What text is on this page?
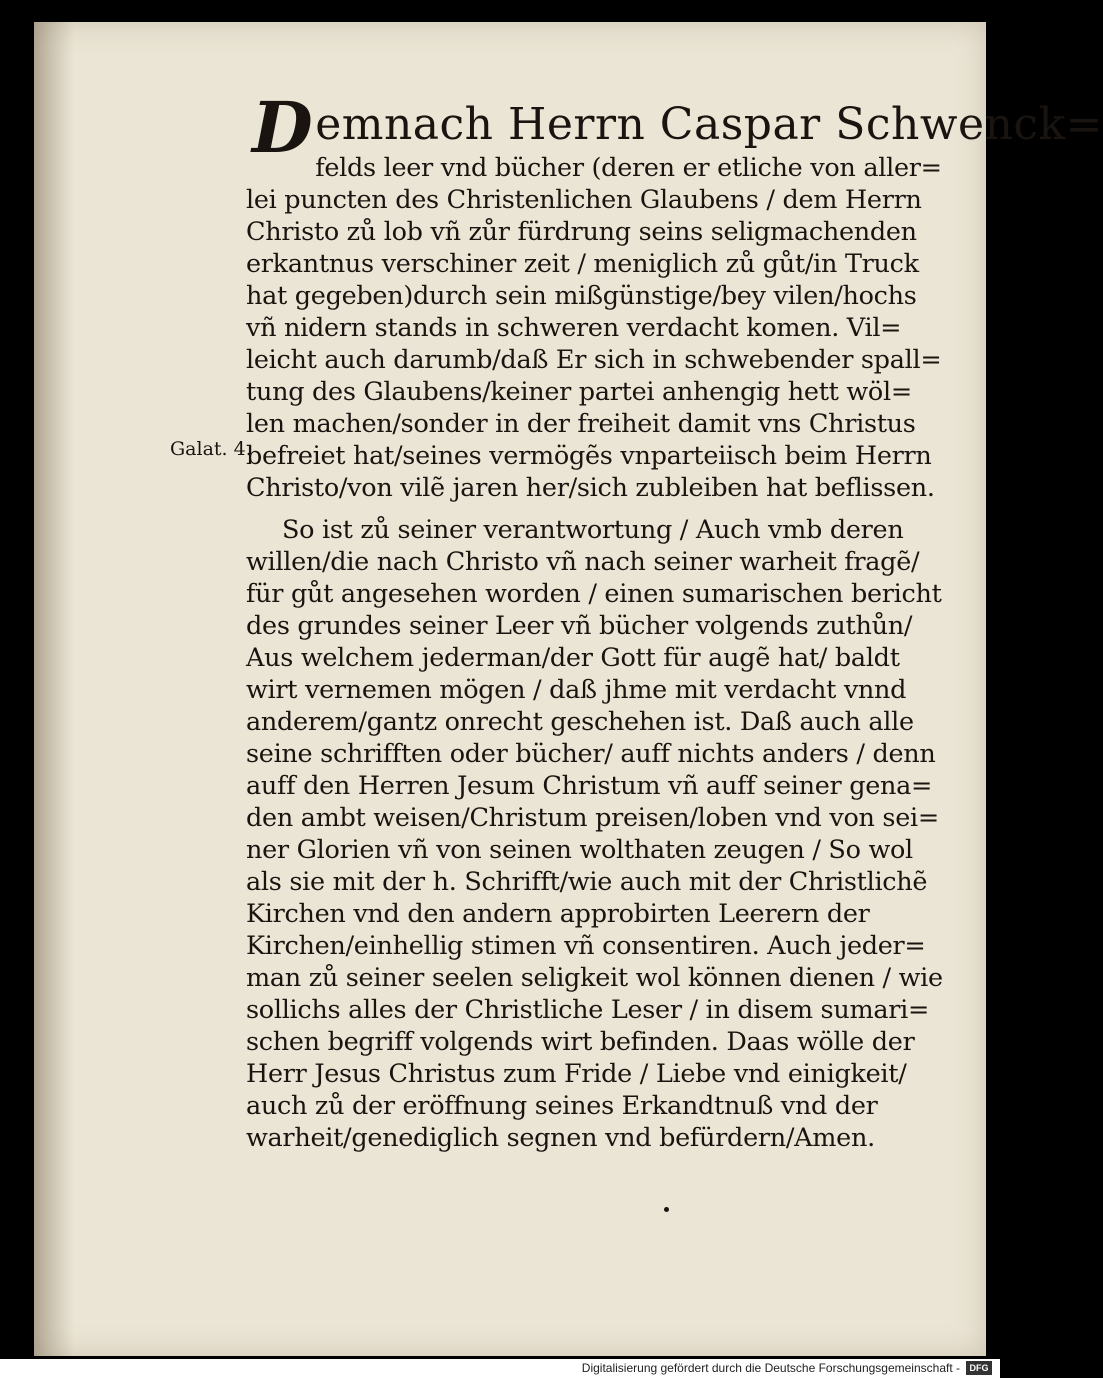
Galat. 4.
Demnach Herrn Caspar Schwenck=
felds leer vnd bücher (deren er etliche von aller=
lei puncten des Christenlichen Glaubens / dem Herrn
Christo zů lob vñ zůr fürdrung seins seligmachenden
erkantnus verschiner zeit / meniglich zů gůt/in Truck
hat gegeben)durch sein mißgünstige/bey vilen/hochs
vñ nidern stands in schweren verdacht komen. Vil=
leicht auch darumb/daß Er sich in schwebender spall=
tung des Glaubens/keiner partei anhengig hett wöl=
len machen/sonder in der freiheit damit vns Christus
befreiet hat/seines vermögẽs vnparteiisch beim Herrn
Christo/von vilẽ jaren her/sich zubleiben hat beflissen.
So ist zů seiner verantwortung / Auch vmb deren
willen/die nach Christo vñ nach seiner warheit fragẽ/
für gůt angesehen worden / einen sumarischen bericht
des grundes seiner Leer vñ bücher volgends zuthůn/
Aus welchem jederman/der Gott für augẽ hat/ baldt
wirt vernemen mögen / daß jhme mit verdacht vnnd
anderem/gantz onrecht geschehen ist. Daß auch alle
seine schrifften oder bücher/ auff nichts anders / denn
auff den Herren Jesum Christum vñ auff seiner gena=
den ambt weisen/Christum preisen/loben vnd von sei=
ner Glorien vñ von seinen wolthaten zeugen / So wol
als sie mit der h. Schrifft/wie auch mit der Christlichẽ
Kirchen vnd den andern approbirten Leerern der
Kirchen/einhellig stimen vñ consentiren. Auch jeder=
man zů seiner seelen seligkeit wol können dienen / wie
sollichs alles der Christliche Leser / in disem sumari=
schen begriff volgends wirt befinden. Daas wölle der
Herr Jesus Christus zum Fride / Liebe vnd einigkeit/
auch zů der eröffnung seines Erkandtnuß vnd der
warheit/genediglich segnen vnd befürdern/Amen.
Digitalisierung gefördert durch die Deutsche Forschungsgemeinschaft -	DFG
